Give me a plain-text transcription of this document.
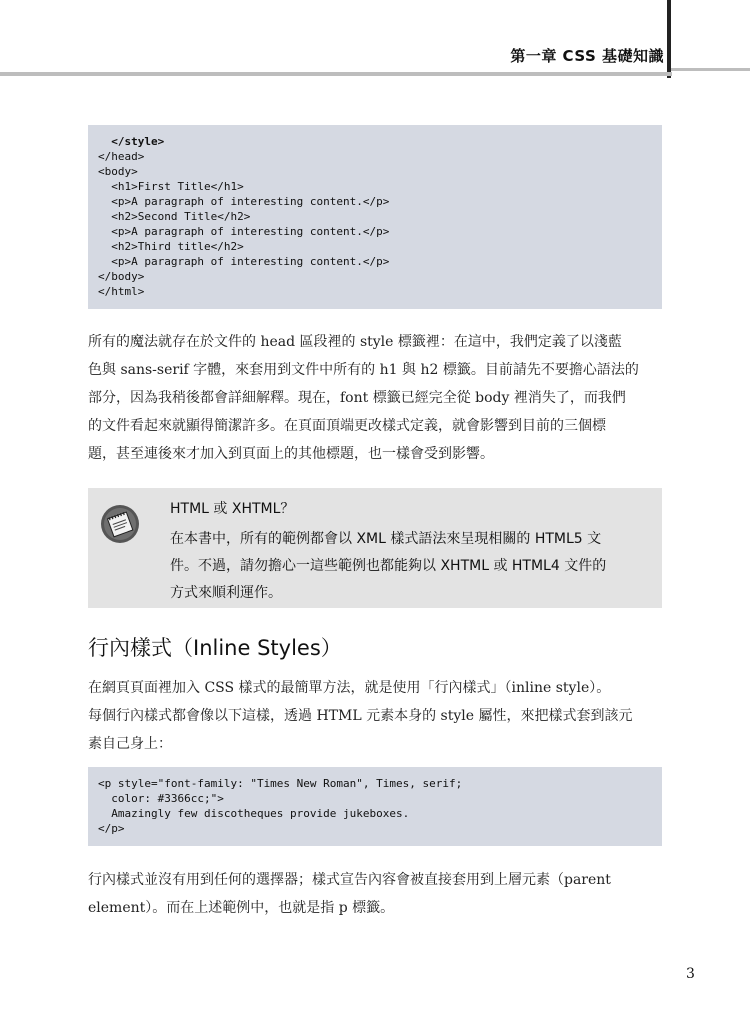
第一章 CSS 基礎知識
</style>
</head>
<body>
<h1>First Title</h1>
<p>A paragraph of interesting content.</p>
<h2>Second Title</h2>
<p>A paragraph of interesting content.</p>
<h2>Third title</h2>
<p>A paragraph of interesting content.</p>
</body>
</html>

所有的魔法就存在於文件的 head 區段裡的 style 標籤裡：在這中，我們定義了以淺藍

色與 sans-serif 字體，來套用到文件中所有的 h1 與 h2 標籤。目前請先不要擔心語法的

部分，因為我稍後都會詳細解釋。現在，font 標籤已經完全從 body 裡消失了，而我們

的文件看起來就顯得簡潔許多。在頁面頂端更改樣式定義，就會影響到目前的三個標

題，甚至連後來才加入到頁面上的其他標題，也一樣會受到影響。

HTML 或 XHTML？
在本書中，所有的範例都會以 XML 樣式語法來呈現相關的 HTML5 文
件。不過，請勿擔心一這些範例也都能夠以 XHTML 或 HTML4 文件的
方式來順利運作。
行內樣式（Inline Styles）

在網頁頁面裡加入 CSS 樣式的最簡單方法，就是使用「行內樣式」（inline style）。

每個行內樣式都會像以下這樣，透過 HTML 元素本身的 style 屬性，來把樣式套到該元

素自己身上：

<p style="font-family: "Times New Roman", Times, serif;
color: #3366cc;">
Amazingly few discotheques provide jukeboxes.
</p>

行內樣式並沒有用到任何的選擇器；樣式宣告內容會被直接套用到上層元素（parent

element）。而在上述範例中，也就是指 p 標籤。

3
